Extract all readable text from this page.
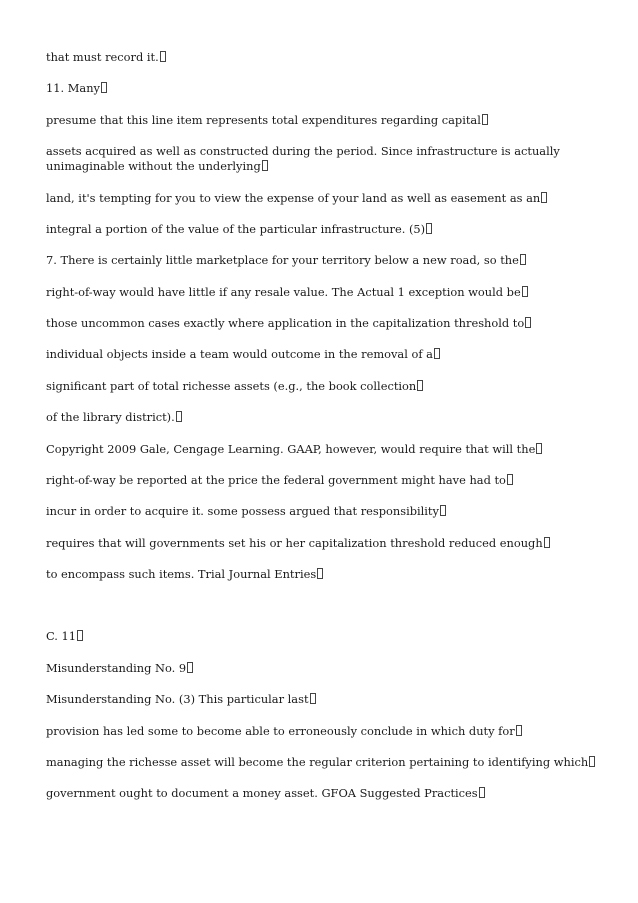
that must record it.
11. Many
presume that this line item represents total expenditures regarding capital
assets acquired as well as constructed during the period. Since infrastructure is actually unimaginable without the underlying
land, it's tempting for you to view the expense of your land as well as easement as an
integral a portion of the value of the particular infrastructure. (5)
7. There is certainly little marketplace for your territory below a new road, so the
right-of-way would have little if any resale value. The Actual 1 exception would be
those uncommon cases exactly where application in the capitalization threshold to
individual objects inside a team would outcome in the removal of a
significant part of total richesse assets (e.g., the book collection
of the library district).
Copyright 2009 Gale, Cengage Learning. GAAP, however, would require that will the
right-of-way be reported at the price the federal government might have had to
incur in order to acquire it. some possess argued that responsibility
requires that will governments set his or her capitalization threshold reduced enough
to encompass such items. Trial Journal Entries
C. 11
Misunderstanding No. 9
Misunderstanding No. (3) This particular last
provision has led some to become able to erroneously conclude in which duty for
managing the richesse asset will become the regular criterion pertaining to identifying which
government ought to document a money asset. GFOA Suggested Practices
